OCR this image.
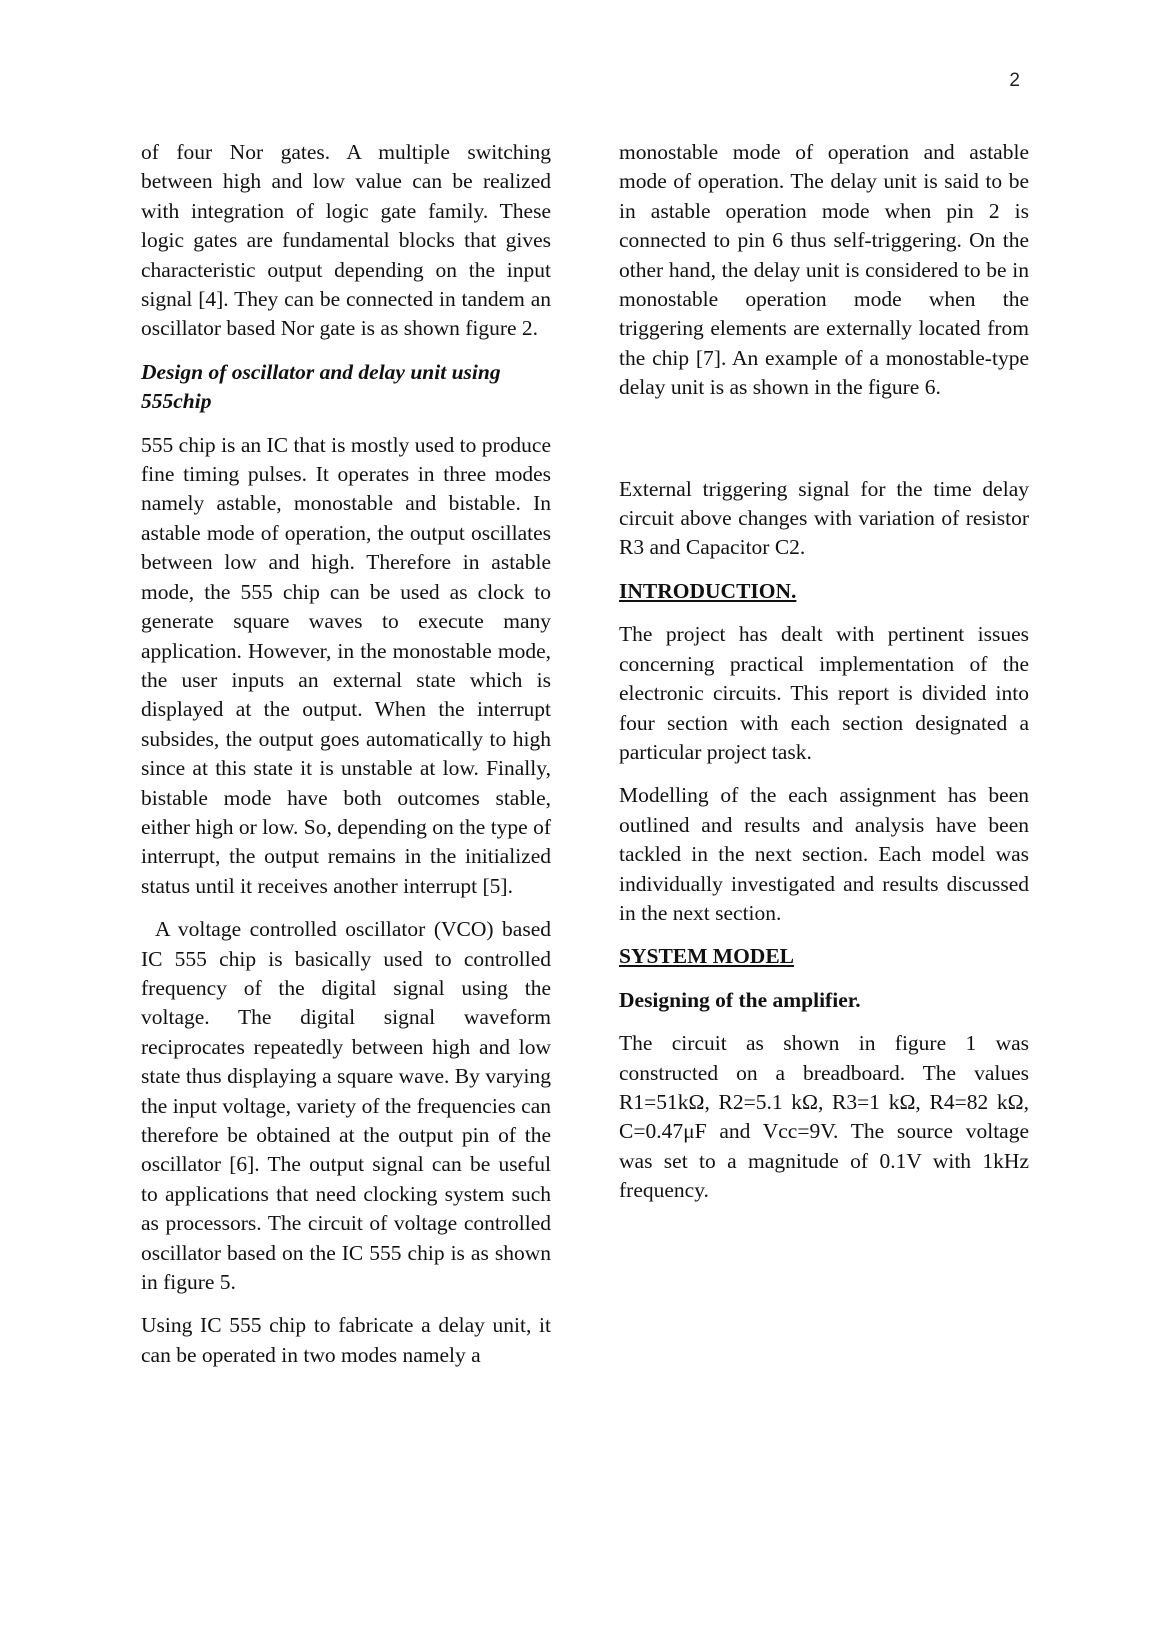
2

of four Nor gates. A multiple switching between high and low value can be realized with integration of logic gate family. These logic gates are fundamental blocks that gives characteristic output depending on the input signal [4]. They can be connected in tandem an oscillator based Nor gate is as shown figure 2.

Design of oscillator and delay unit using 555chip

555 chip is an IC that is mostly used to produce fine timing pulses. It operates in three modes namely astable, monostable and bistable. In astable mode of operation, the output oscillates between low and high. Therefore in astable mode, the 555 chip can be used as clock to generate square waves to execute many application. However, in the monostable mode, the user inputs an external state which is displayed at the output. When the interrupt subsides, the output goes automatically to high since at this state it is unstable at low. Finally, bistable mode have both outcomes stable, either high or low. So, depending on the type of interrupt, the output remains in the initialized status until it receives another interrupt [5].

A voltage controlled oscillator (VCO) based IC 555 chip is basically used to controlled frequency of the digital signal using the voltage. The digital signal waveform reciprocates repeatedly between high and low state thus displaying a square wave. By varying the input voltage, variety of the frequencies can therefore be obtained at the output pin of the oscillator [6]. The output signal can be useful to applications that need clocking system such as processors. The circuit of voltage controlled oscillator based on the IC 555 chip is as shown in figure 5.

Using IC 555 chip to fabricate a delay unit, it can be operated in two modes namely a

monostable mode of operation and astable mode of operation. The delay unit is said to be in astable operation mode when pin 2 is connected to pin 6 thus self-triggering. On the other hand, the delay unit is considered to be in monostable operation mode when the triggering elements are externally located from the chip [7]. An example of a monostable-type delay unit is as shown in the figure 6.

External triggering signal for the time delay circuit above changes with variation of resistor R3 and Capacitor C2.

INTRODUCTION.

The project has dealt with pertinent issues concerning practical implementation of the electronic circuits. This report is divided into four section with each section designated a particular project task.

Modelling of the each assignment has been outlined and results and analysis have been tackled in the next section. Each model was individually investigated and results discussed in the next section.

SYSTEM MODEL

Designing of the amplifier.

The circuit as shown in figure 1 was constructed on a breadboard. The values R1=51kΩ, R2=5.1 kΩ, R3=1 kΩ, R4=82 kΩ, C=0.47μF and Vcc=9V. The source voltage was set to a magnitude of 0.1V with 1kHz frequency.
